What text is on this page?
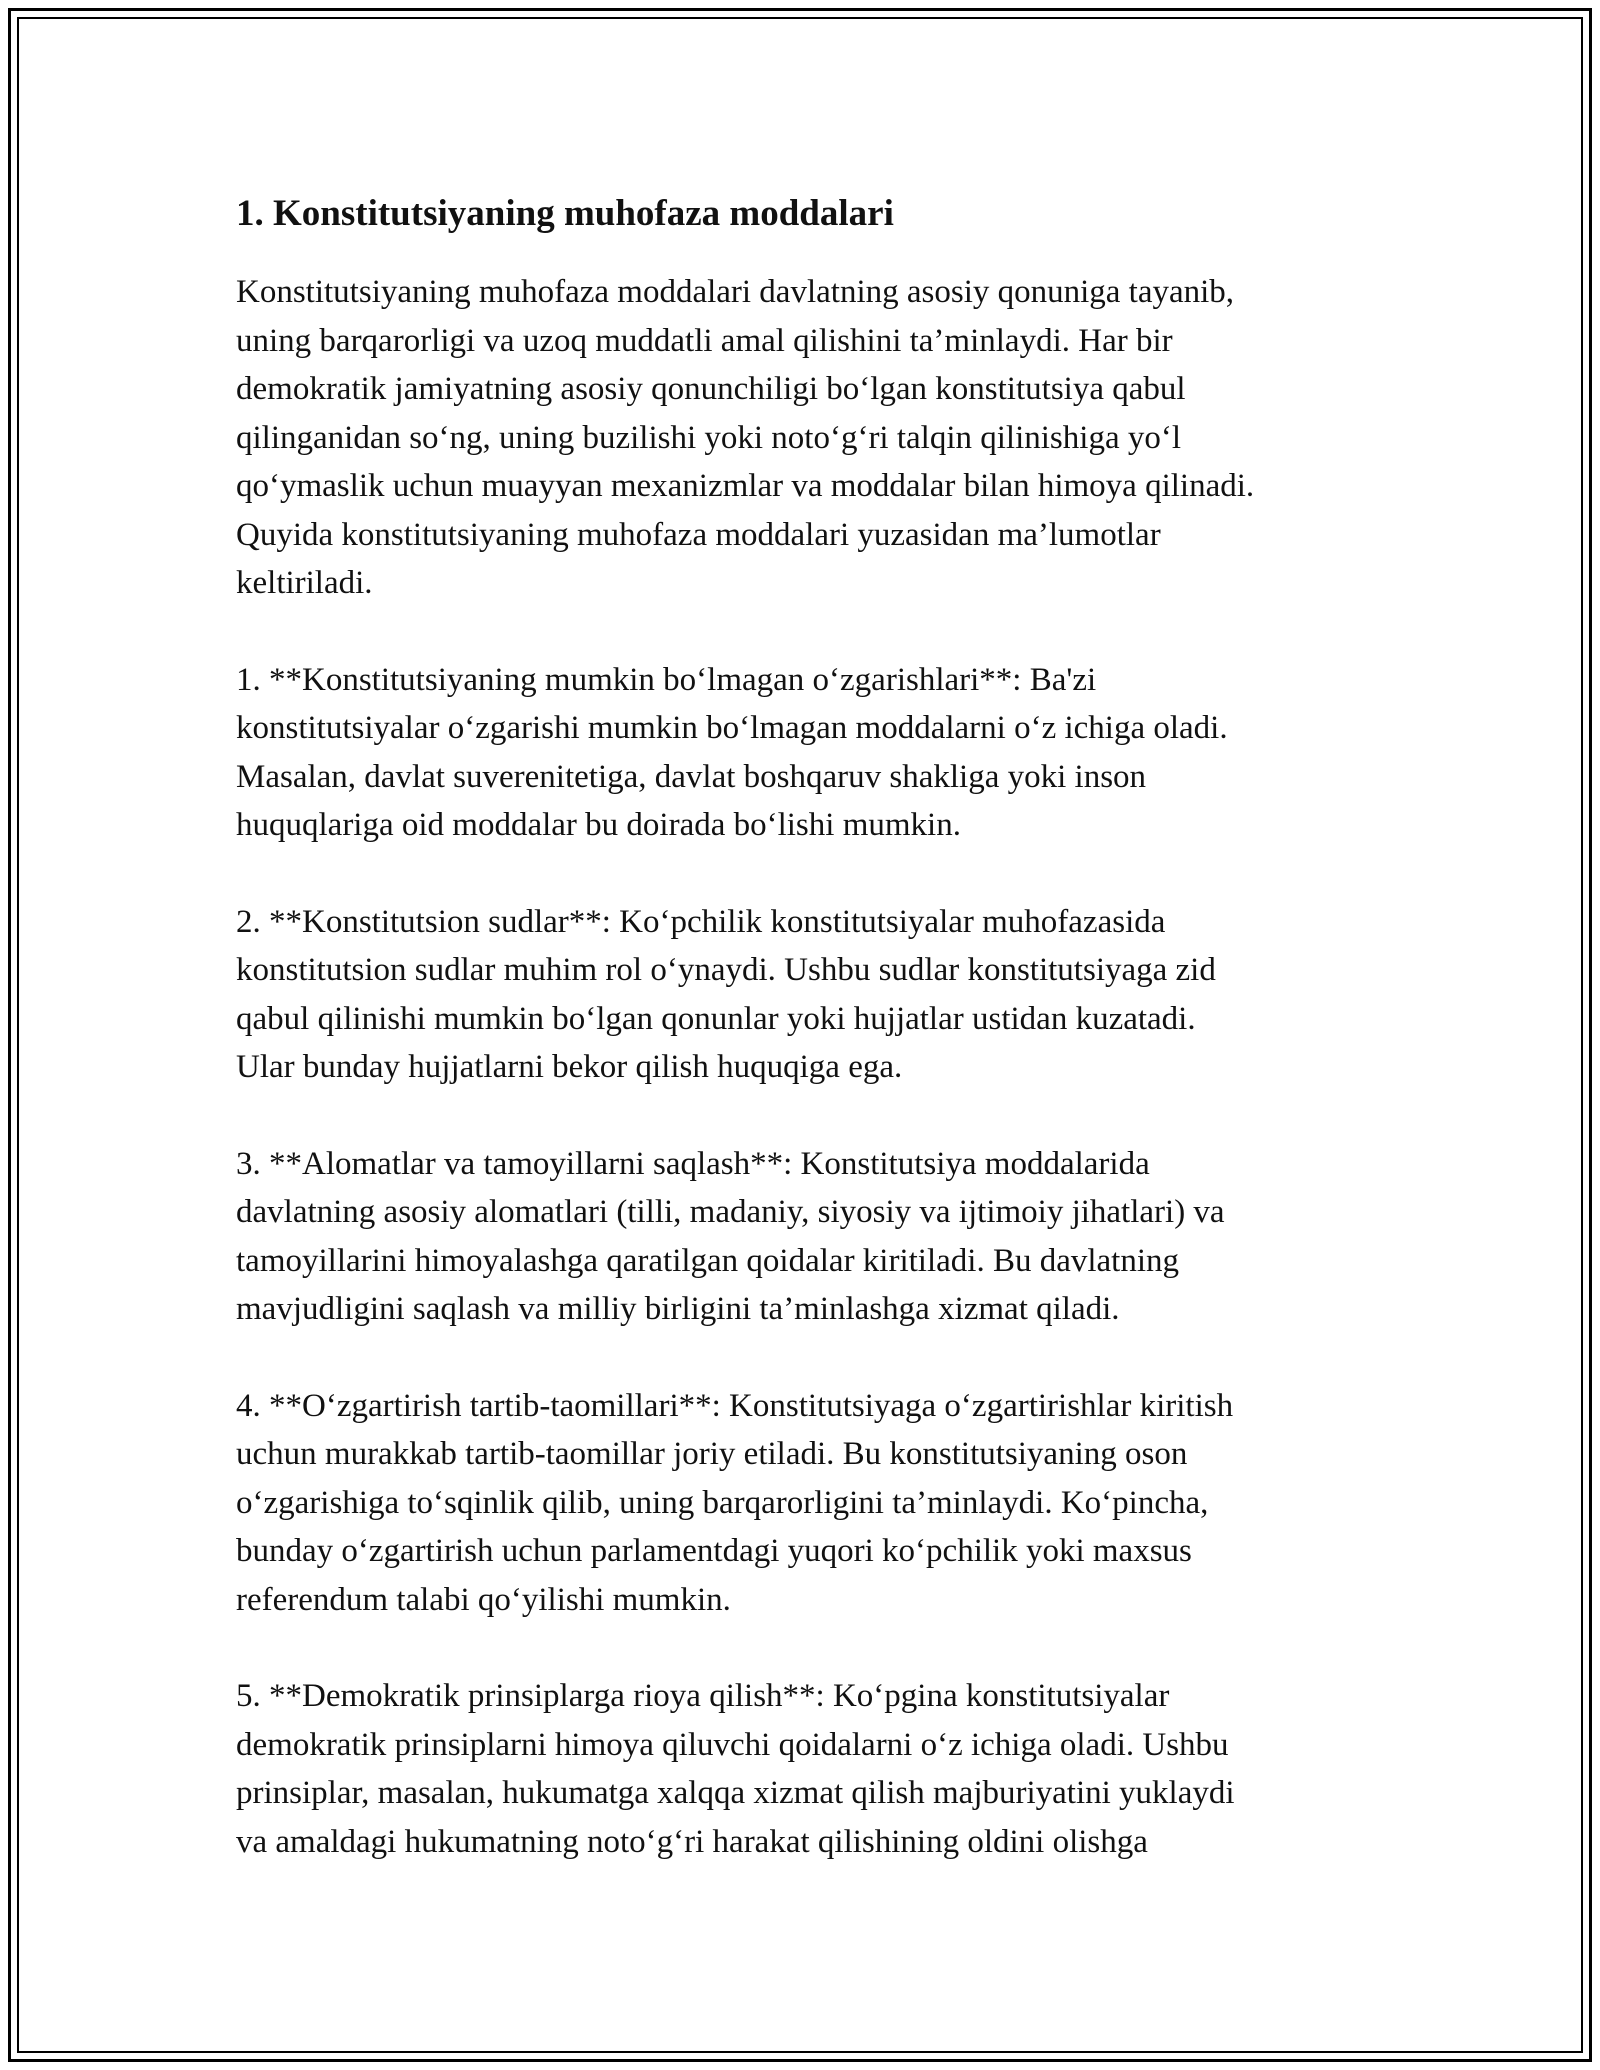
1. Konstitutsiyaning muhofaza moddalari

Konstitutsiyaning muhofaza moddalari davlatning asosiy qonuniga tayanib,
uning barqarorligi va uzoq muddatli amal qilishini ta’minlaydi. Har bir
demokratik jamiyatning asosiy qonunchiligi bo‘lgan konstitutsiya qabul
qilinganidan so‘ng, uning buzilishi yoki noto‘g‘ri talqin qilinishiga yo‘l
qo‘ymaslik uchun muayyan mexanizmlar va moddalar bilan himoya qilinadi.
Quyida konstitutsiyaning muhofaza moddalari yuzasidan ma’lumotlar
keltiriladi.

1. **Konstitutsiyaning mumkin bo‘lmagan o‘zgarishlari**: Ba'zi
konstitutsiyalar o‘zgarishi mumkin bo‘lmagan moddalarni o‘z ichiga oladi.
Masalan, davlat suverenitetiga, davlat boshqaruv shakliga yoki inson
huquqlariga oid moddalar bu doirada bo‘lishi mumkin.

2. **Konstitutsion sudlar**: Ko‘pchilik konstitutsiyalar muhofazasida
konstitutsion sudlar muhim rol o‘ynaydi. Ushbu sudlar konstitutsiyaga zid
qabul qilinishi mumkin bo‘lgan qonunlar yoki hujjatlar ustidan kuzatadi.
Ular bunday hujjatlarni bekor qilish huquqiga ega.

3. **Alomatlar va tamoyillarni saqlash**: Konstitutsiya moddalarida
davlatning asosiy alomatlari (tilli, madaniy, siyosiy va ijtimoiy jihatlari) va
tamoyillarini himoyalashga qaratilgan qoidalar kiritiladi. Bu davlatning
mavjudligini saqlash va milliy birligini ta’minlashga xizmat qiladi.

4. **O‘zgartirish tartib-taomillari**: Konstitutsiyaga o‘zgartirishlar kiritish
uchun murakkab tartib-taomillar joriy etiladi. Bu konstitutsiyaning oson
o‘zgarishiga to‘sqinlik qilib, uning barqarorligini ta’minlaydi. Ko‘pincha,
bunday o‘zgartirish uchun parlamentdagi yuqori ko‘pchilik yoki maxsus
referendum talabi qo‘yilishi mumkin.

5. **Demokratik prinsiplarga rioya qilish**: Ko‘pgina konstitutsiyalar
demokratik prinsiplarni himoya qiluvchi qoidalarni o‘z ichiga oladi. Ushbu
prinsiplar, masalan, hukumatga xalqqa xizmat qilish majburiyatini yuklaydi
va amaldagi hukumatning noto‘g‘ri harakat qilishining oldini olishga
